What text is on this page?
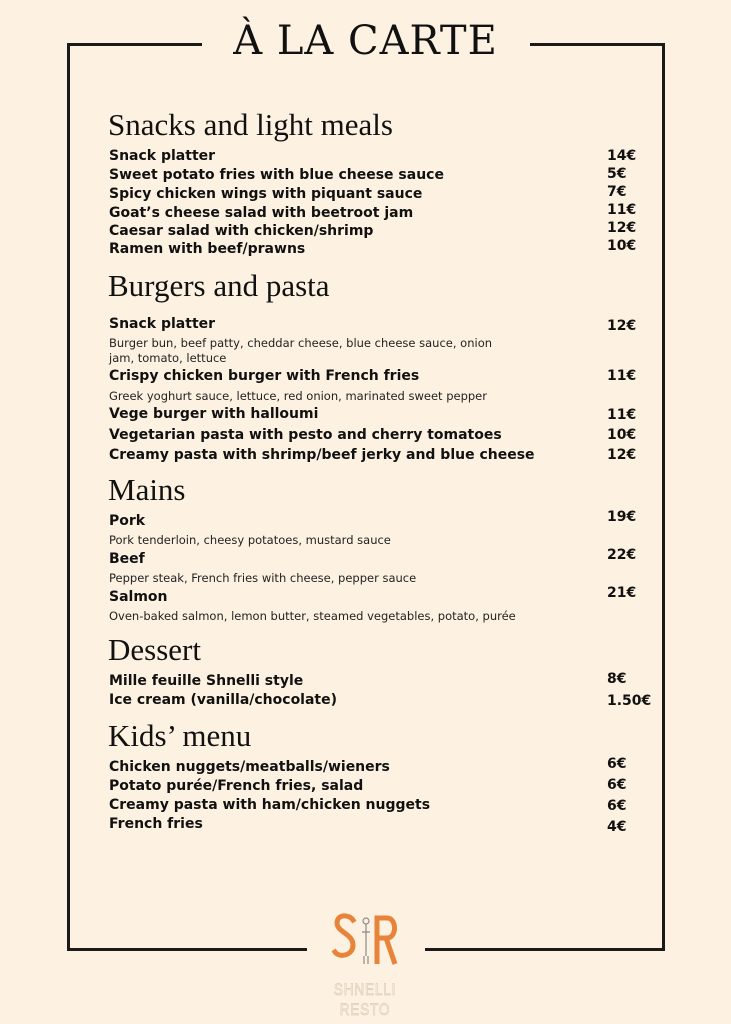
À LA CARTE
Snacks and light meals

Snack platter	14€

Sweet potato fries with blue cheese sauce	5€

Spicy chicken wings with piquant sauce	7€

Goat’s cheese salad with beetroot jam	11€

Caesar salad with chicken/shrimp	12€

Ramen with beef/prawns	10€

Burgers and pasta

Snack platter	12€

Burger bun, beef patty, cheddar cheese, blue cheese sauce, onion

jam, tomato, lettuce

Crispy chicken burger with French fries	11€

Greek yoghurt sauce, lettuce, red onion, marinated sweet pepper

Vege burger with halloumi	11€

Vegetarian pasta with pesto and cherry tomatoes	10€

Creamy pasta with shrimp/beef jerky and blue cheese	12€

Mains

Pork	19€

Pork tenderloin, cheesy potatoes, mustard sauce

Beef	22€

Pepper steak, French fries with cheese, pepper sauce

Salmon	21€

Oven-baked salmon, lemon butter, steamed vegetables, potato, purée

Dessert

Mille feuille Shnelli style	8€

Ice cream (vanilla/chocolate)	1.50€

Kids’ menu

Chicken nuggets/meatballs/wieners	6€

Potato purée/French fries, salad	6€

Creamy pasta with ham/chicken nuggets	6€

French fries	4€

SHNELLI RESTO
